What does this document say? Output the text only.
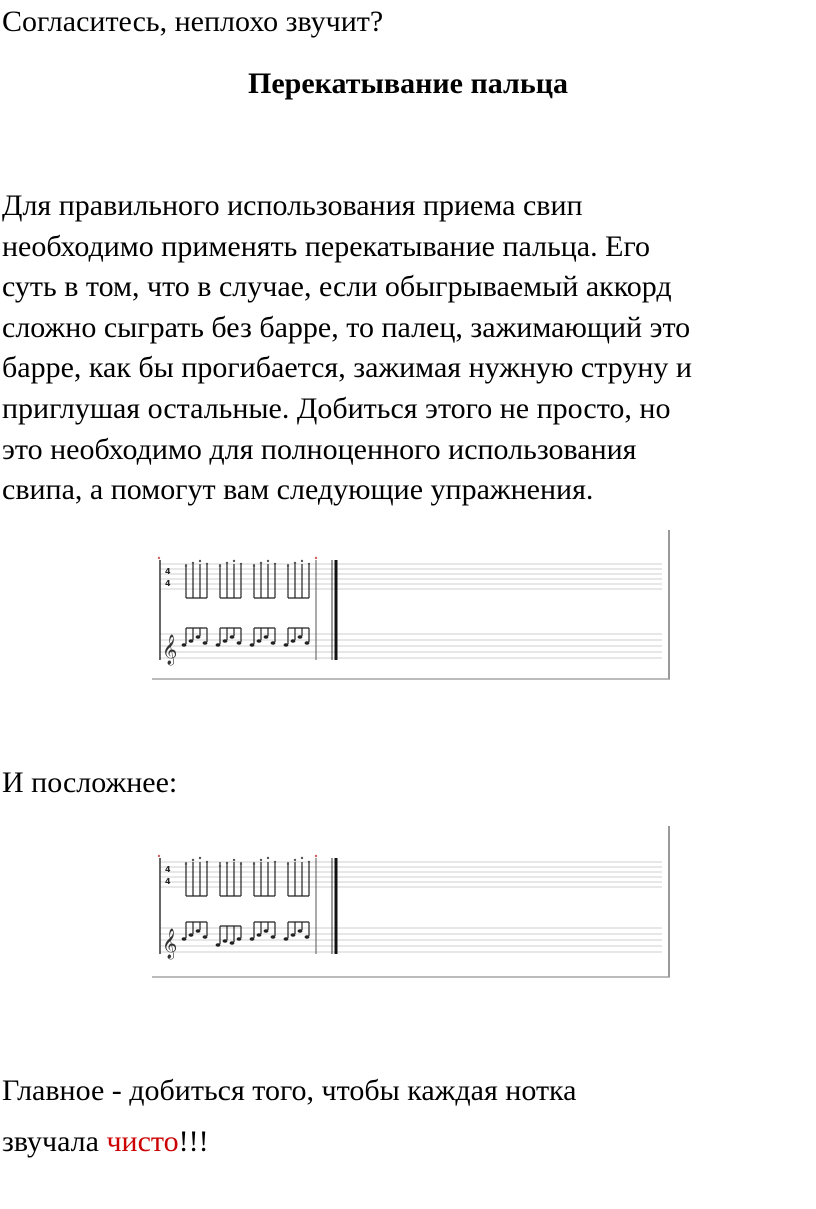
Согласитесь, неплохо звучит?
Перекатывание пальца
Для правильного использования приема свип
необходимо применять перекатывание пальца. Его
суть в том, что в случае, если обыгрываемый аккорд
сложно сыграть без барре, то палец, зажимающий это
барре, как бы прогибается, зажимая нужную струну и
приглушая остальные. Добиться этого не просто, но
это необходимо для полноценного использования
свипа, а помогут вам следующие упражнения.
4
4
𝄞
И посложнее:
4
4
𝄞
Главное - добиться того, чтобы каждая нотка
звучала чисто!!!
